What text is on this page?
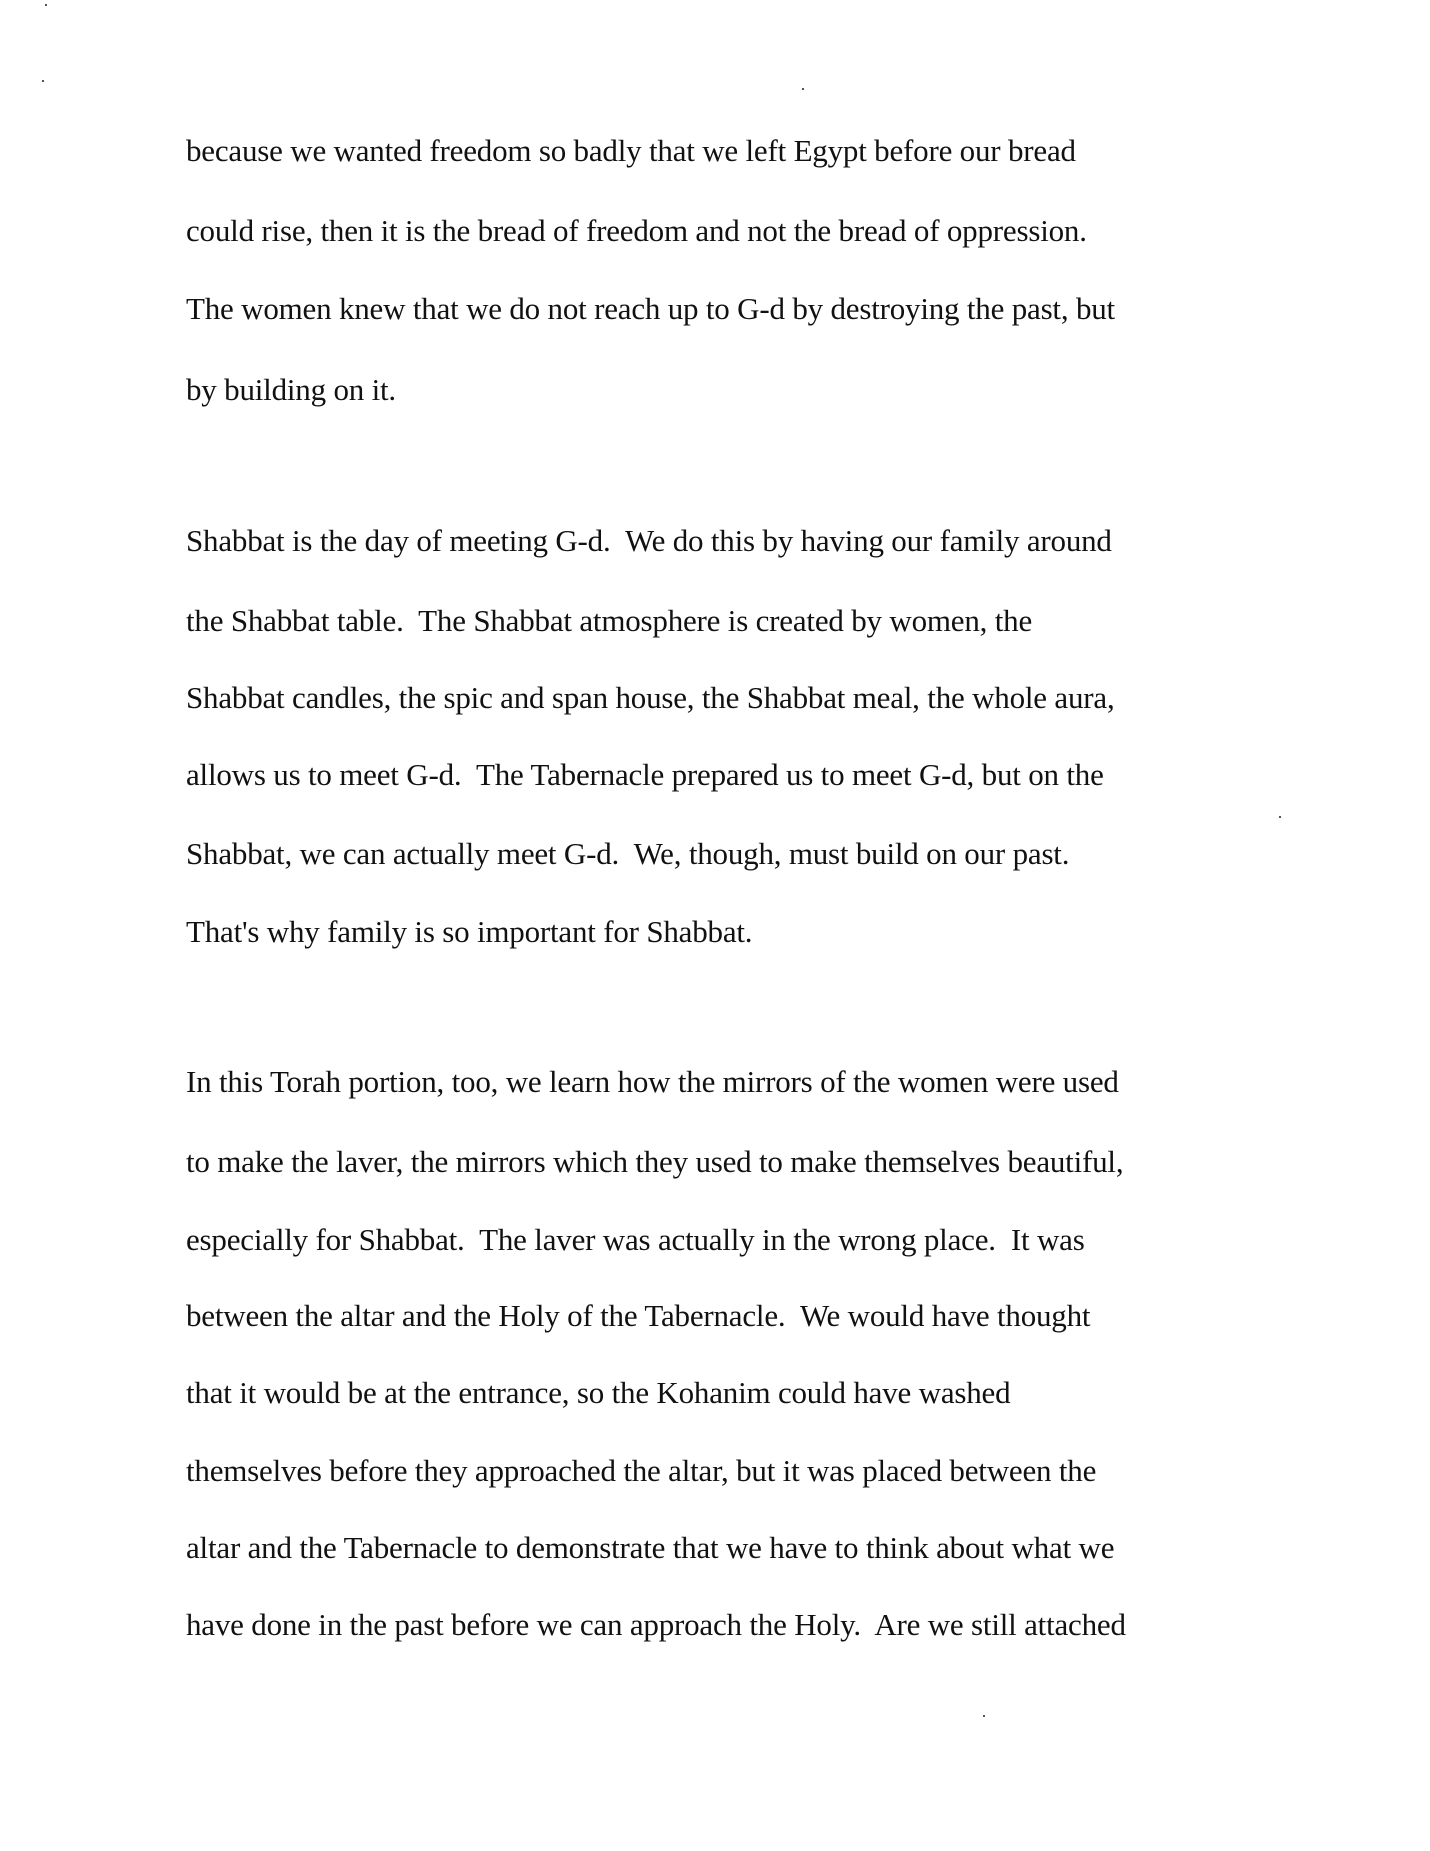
because we wanted freedom so badly that we left Egypt before our bread
could rise, then it is the bread of freedom and not the bread of oppression.
The women knew that we do not reach up to G-d by destroying the past, but
by building on it.
Shabbat is the day of meeting G-d.  We do this by having our family around
the Shabbat table.  The Shabbat atmosphere is created by women, the
Shabbat candles, the spic and span house, the Shabbat meal, the whole aura,
allows us to meet G-d.  The Tabernacle prepared us to meet G-d, but on the
Shabbat, we can actually meet G-d.  We, though, must build on our past.
That's why family is so important for Shabbat.
In this Torah portion, too, we learn how the mirrors of the women were used
to make the laver, the mirrors which they used to make themselves beautiful,
especially for Shabbat.  The laver was actually in the wrong place.  It was
between the altar and the Holy of the Tabernacle.  We would have thought
that it would be at the entrance, so the Kohanim could have washed
themselves before they approached the altar, but it was placed between the
altar and the Tabernacle to demonstrate that we have to think about what we
have done in the past before we can approach the Holy.  Are we still attached
